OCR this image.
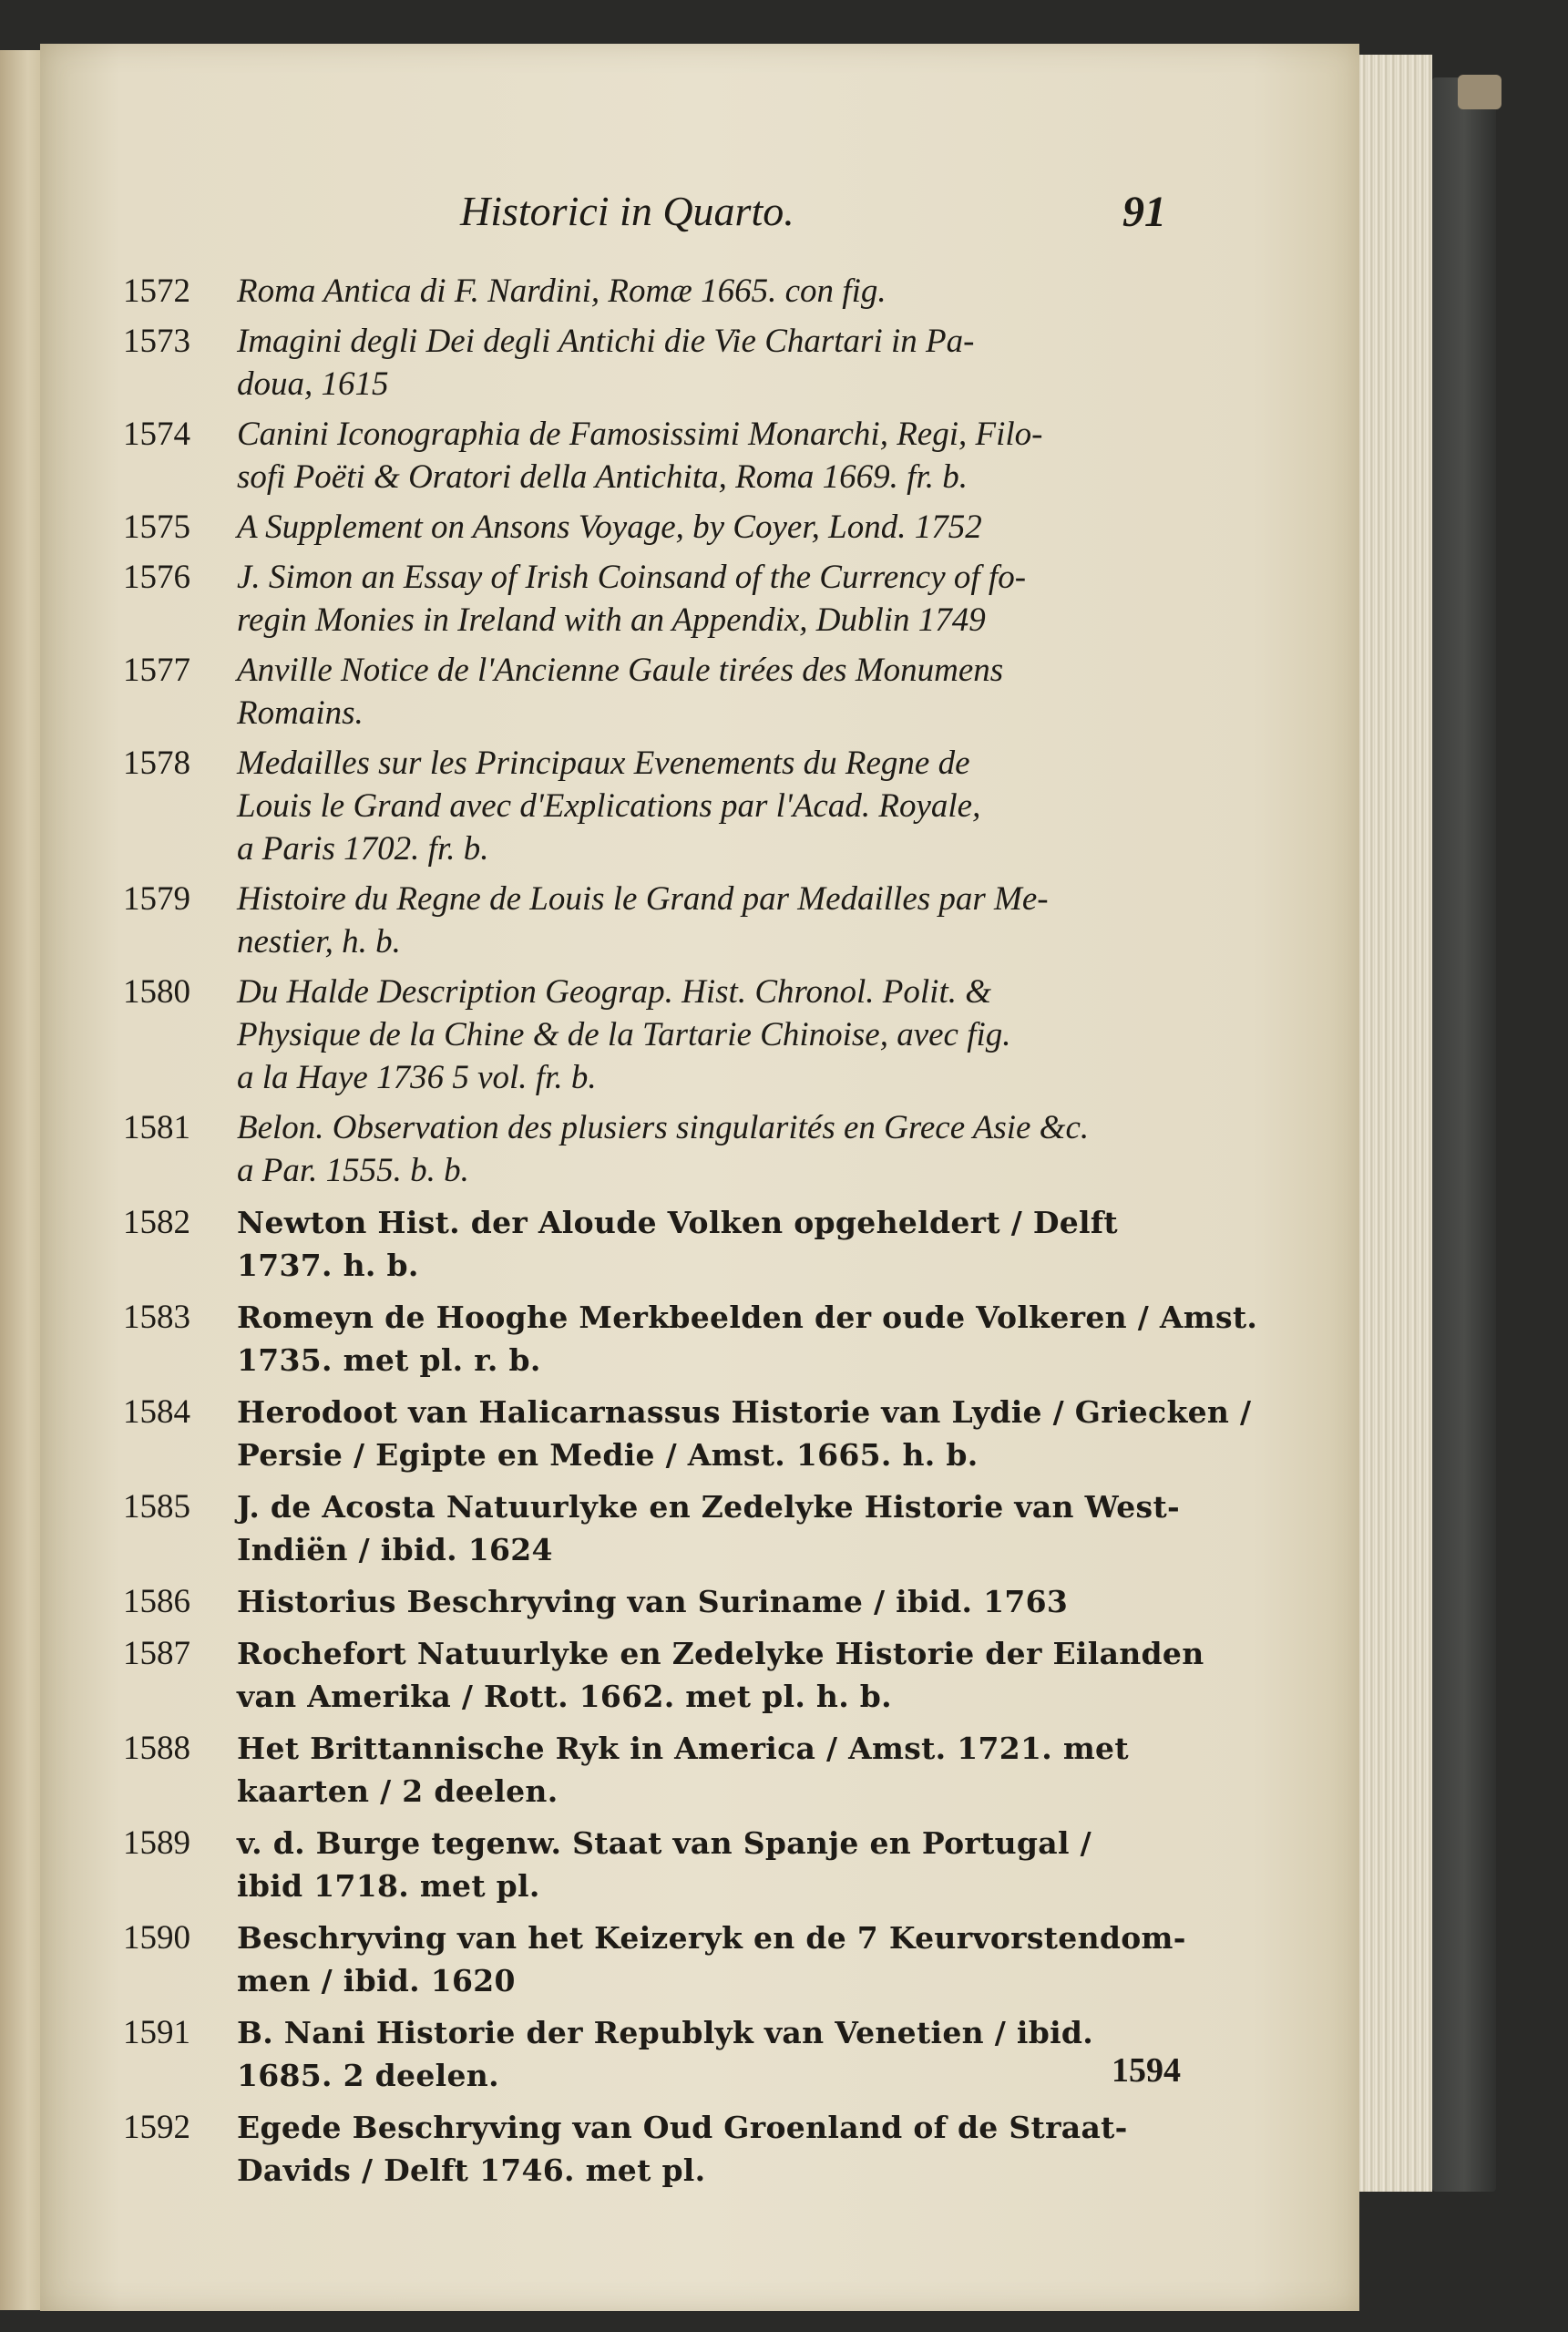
Historici in Quarto.	91
1572 Roma Antica di F. Nardini, Romæ 1665. con fig.
1573 Imagini degli Dei degli Antichi die Vie Chartari in Pa-
doua, 1615
1574 Canini Iconographia de Famosissimi Monarchi, Regi, Filo-
sofi Poëti & Oratori della Antichita, Roma 1669. fr. b.
1575 A Supplement on Ansons Voyage, by Coyer, Lond. 1752
1576 J. Simon an Essay of Irish Coinsand of the Currency of fo-
regin Monies in Ireland with an Appendix, Dublin 1749
1577 Anville Notice de l'Ancienne Gaule tirées des Monumens
Romains.
1578 Medailles sur les Principaux Evenements du Regne de
Louis le Grand avec d'Explications par l'Acad. Royale,
a Paris 1702. fr. b.
1579 Histoire du Regne de Louis le Grand par Medailles par Me-
nestier, h. b.
1580 Du Halde Description Geograp. Hist. Chronol. Polit. &
Physique de la Chine & de la Tartarie Chinoise, avec fig.
a la Haye 1736 5 vol. fr. b.
1581 Belon. Observation des plusiers singularités en Grece Asie &c.
a Par. 1555. b. b.
1582 Newton Hist. der Aloude Volken opgeheldert / Delft
1737. h. b.
1583 Romeyn de Hooghe Merkbeelden der oude Volkeren / Amst.
1735. met pl. r. b.
1584 Herodoot van Halicarnassus Historie van Lydie / Griecken /
Persie / Egipte en Medie / Amst. 1665. h. b.
1585 J. de Acosta Natuurlyke en Zedelyke Historie van West-
Indiën / ibid. 1624
1586 Historius Beschryving van Suriname / ibid. 1763
1587 Rochefort Natuurlyke en Zedelyke Historie der Eilanden
van Amerika / Rott. 1662. met pl. h. b.
1588 Het Brittannische Ryk in America / Amst. 1721. met
kaarten / 2 deelen.
1589 v. d. Burge tegenw. Staat van Spanje en Portugal /
ibid 1718. met pl.
1590 Beschryving van het Keizeryk en de 7 Keurvorstendom-
men / ibid. 1620
1591 B. Nani Historie der Republyk van Venetien / ibid.
1685. 2 deelen.
1592 Egede Beschryving van Oud Groenland of de Straat-
Davids / Delft 1746. met pl.
1594
